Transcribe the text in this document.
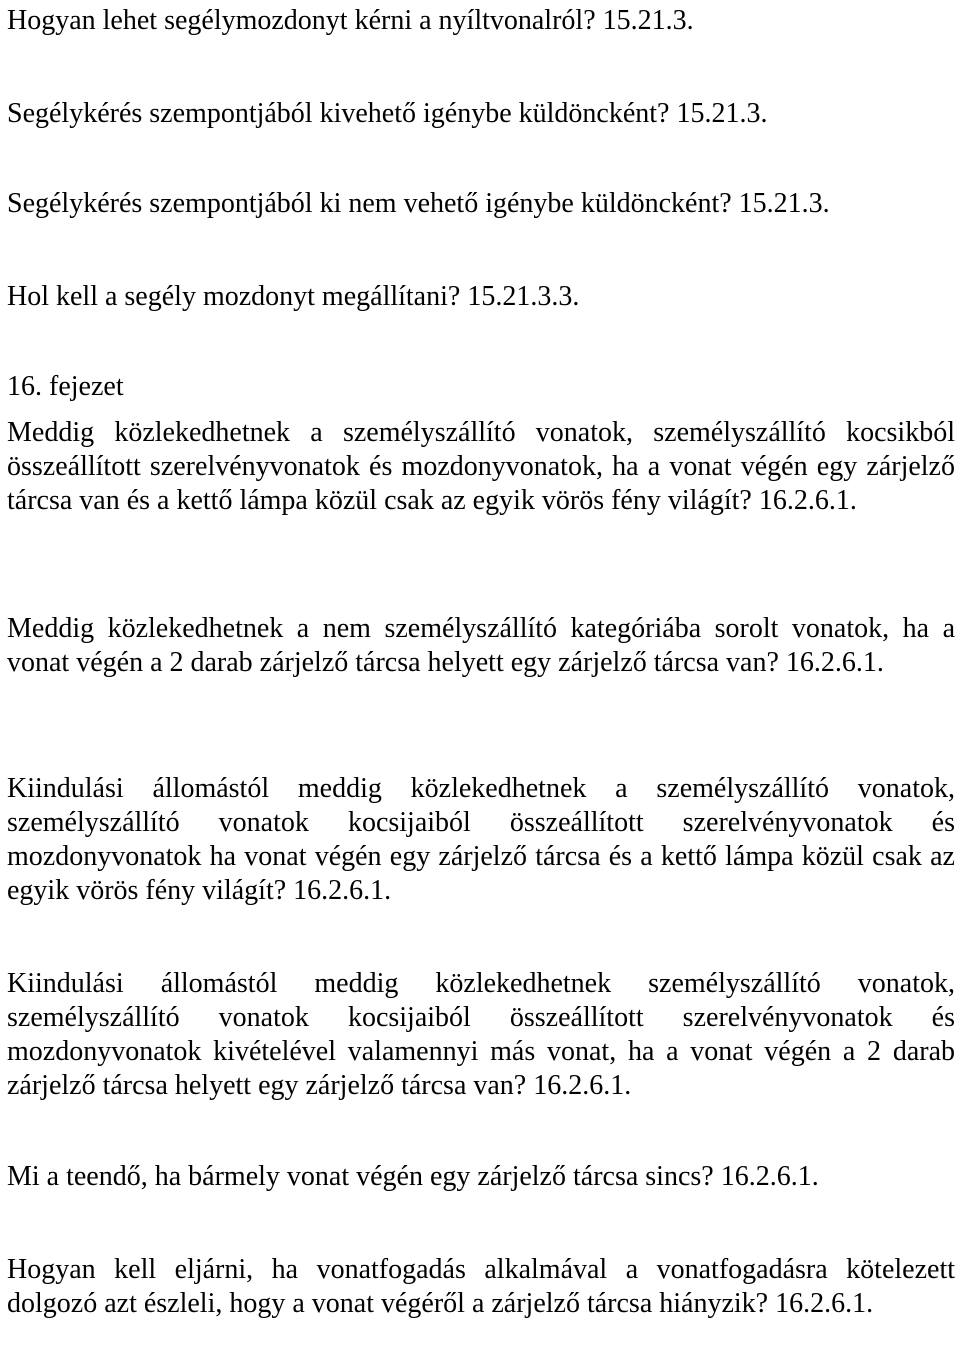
Hogyan lehet segélymozdonyt kérni a nyíltvonalról? 15.21.3.
Segélykérés szempontjából kivehető igénybe küldöncként? 15.21.3.
Segélykérés szempontjából ki nem vehető igénybe küldöncként? 15.21.3.
Hol kell a segély mozdonyt megállítani? 15.21.3.3.
16. fejezet
Meddig közlekedhetnek a személyszállító vonatok, személyszállító kocsikból összeállított szerelvényvonatok és mozdonyvonatok, ha a vonat végén egy zárjelző tárcsa van és a kettő lámpa közül csak az egyik vörös fény világít? 16.2.6.1.
Meddig közlekedhetnek a nem személyszállító kategóriába sorolt vonatok, ha a vonat végén a 2 darab zárjelző tárcsa helyett egy zárjelző tárcsa van? 16.2.6.1.
Kiindulási állomástól meddig közlekedhetnek a személyszállító vonatok, személyszállító vonatok kocsijaiból összeállított szerelvényvonatok és mozdonyvonatok ha vonat végén egy zárjelző tárcsa és a kettő lámpa közül csak az egyik vörös fény világít? 16.2.6.1.
Kiindulási állomástól meddig közlekedhetnek személyszállító vonatok, személyszállító vonatok kocsijaiból összeállított szerelvényvonatok és mozdonyvonatok kivételével valamennyi más vonat, ha a vonat végén a 2 darab zárjelző tárcsa helyett egy zárjelző tárcsa van? 16.2.6.1.
Mi a teendő, ha bármely vonat végén egy zárjelző tárcsa sincs? 16.2.6.1.
Hogyan kell eljárni, ha vonatfogadás alkalmával a vonatfogadásra kötelezett dolgozó azt észleli, hogy a vonat végéről a zárjelző tárcsa hiányzik? 16.2.6.1.
